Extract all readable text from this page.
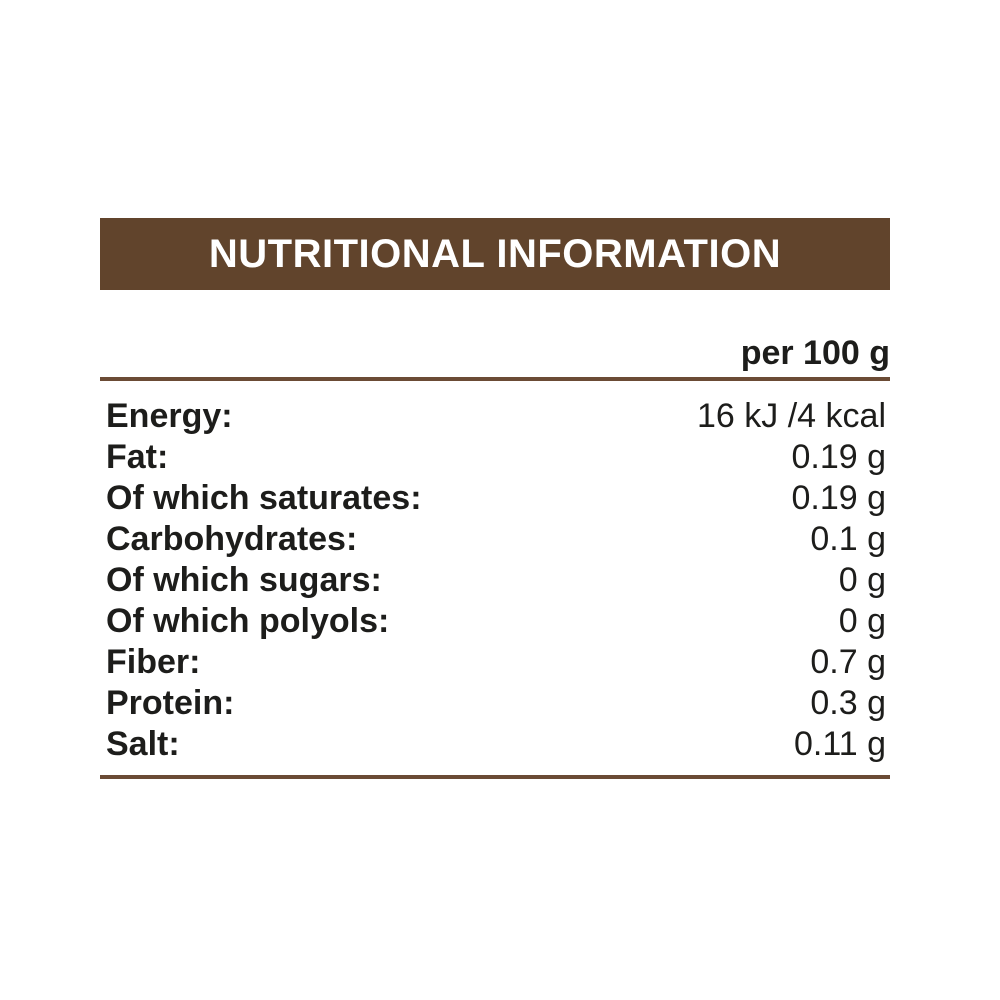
NUTRITIONAL INFORMATION
per 100 g
Energy:	16 kJ /4 kcal
Fat:	0.19 g
Of which saturates:	0.19 g
Carbohydrates:	0.1 g
Of which sugars:	0 g
Of which polyols:	0 g
Fiber:	0.7 g
Protein:	0.3 g
Salt:	0.11 g
